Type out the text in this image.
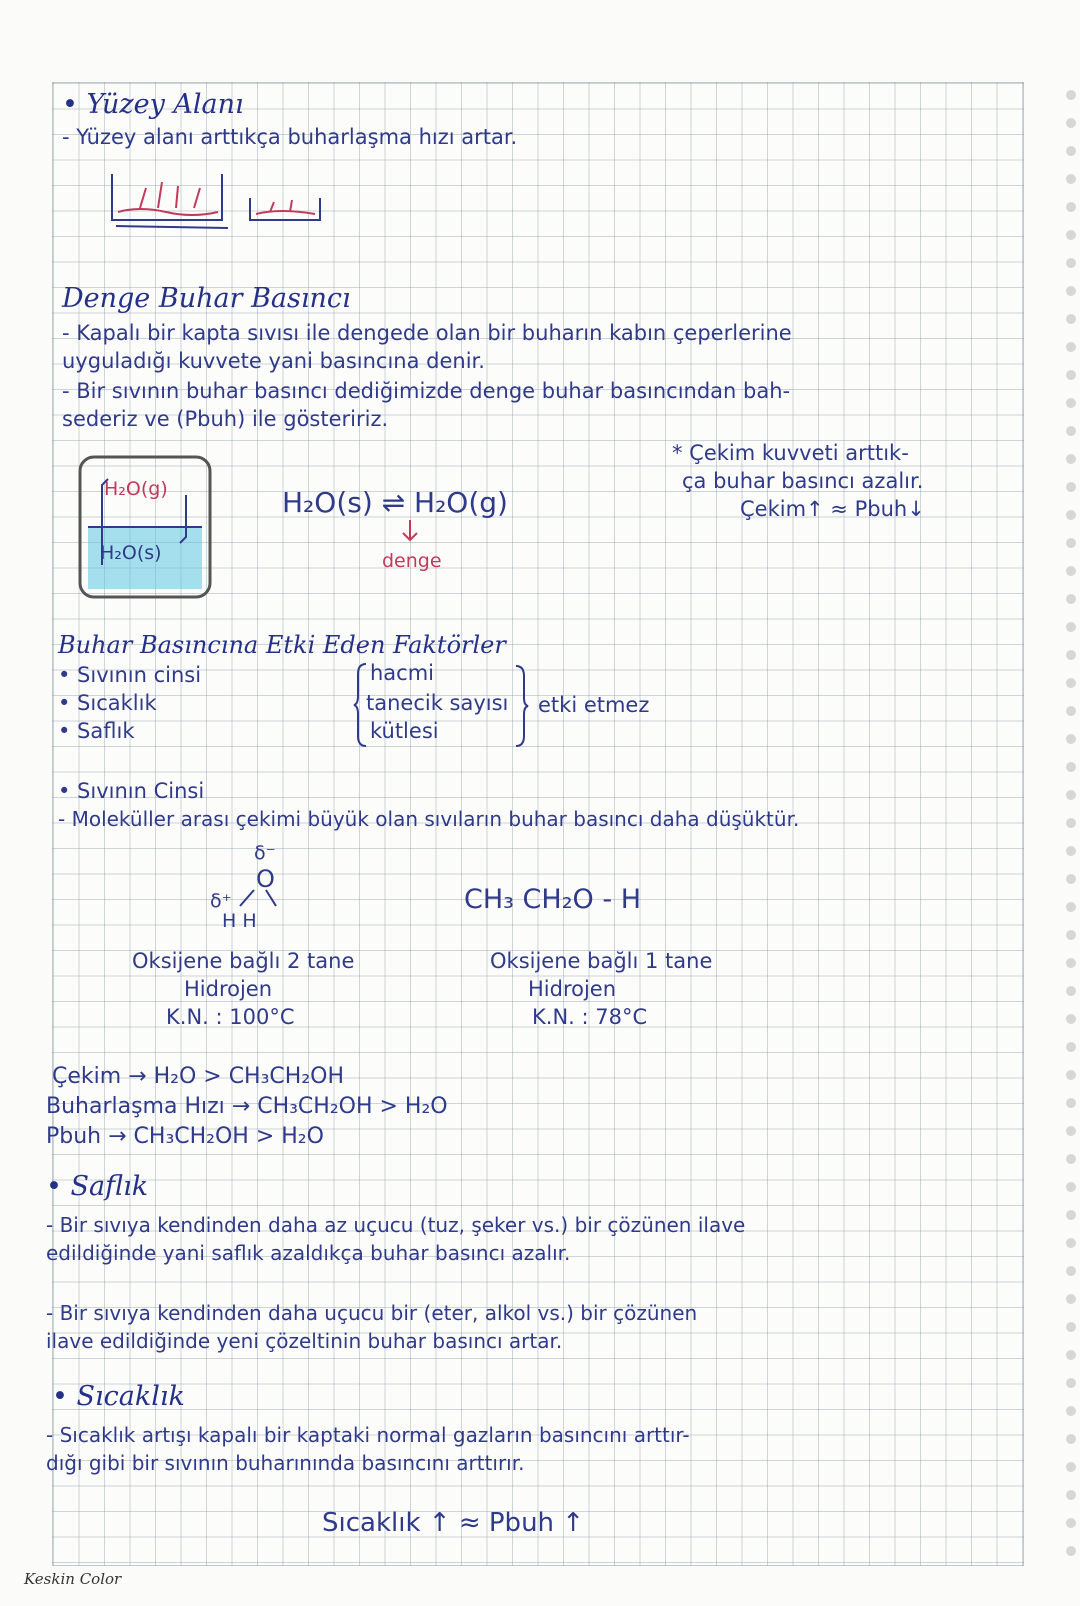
• Yüzey Alanı
- Yüzey alanı arttıkça buharlaşma hızı artar.
Denge Buhar Basıncı
- Kapalı bir kapta sıvısı ile dengede olan bir buharın kabın çeperlerine
uyguladığı kuvvete yani basıncına denir.
- Bir sıvının buhar basıncı dediğimizde denge buhar basıncından bah-
sederiz ve (Pbuh) ile gösteririz.
H₂O(g)
H₂O(s)
H₂O(s) ⇌ H₂O(g)
denge
* Çekim kuvveti arttık-
ça buhar basıncı azalır.
Çekim↑ ≈ Pbuh↓
Buhar Basıncına Etki Eden Faktörler
• Sıvının cinsi
• Sıcaklık
• Saflık
hacmi
tanecik sayısı
kütlesi
etki etmez
• Sıvının Cinsi
- Moleküller arası çekimi büyük olan sıvıların buhar basıncı daha düşüktür.
δ⁻
O
δ⁺
H H
CH₃ CH₂O - H
Oksijene bağlı 2 tane
Hidrojen
K.N. : 100°C
Oksijene bağlı 1 tane
Hidrojen
K.N. : 78°C
Çekim → H₂O > CH₃CH₂OH
Buharlaşma Hızı → CH₃CH₂OH > H₂O
Pbuh → CH₃CH₂OH > H₂O
• Saflık
- Bir sıvıya kendinden daha az uçucu (tuz, şeker vs.) bir çözünen ilave
edildiğinde yani saflık azaldıkça buhar basıncı azalır.
- Bir sıvıya kendinden daha uçucu bir (eter, alkol vs.) bir çözünen
ilave edildiğinde yeni çözeltinin buhar basıncı artar.
• Sıcaklık
- Sıcaklık artışı kapalı bir kaptaki normal gazların basıncını arttır-
dığı gibi bir sıvının buharınında basıncını arttırır.
Sıcaklık ↑ ≈ Pbuh ↑
Keskin Color
